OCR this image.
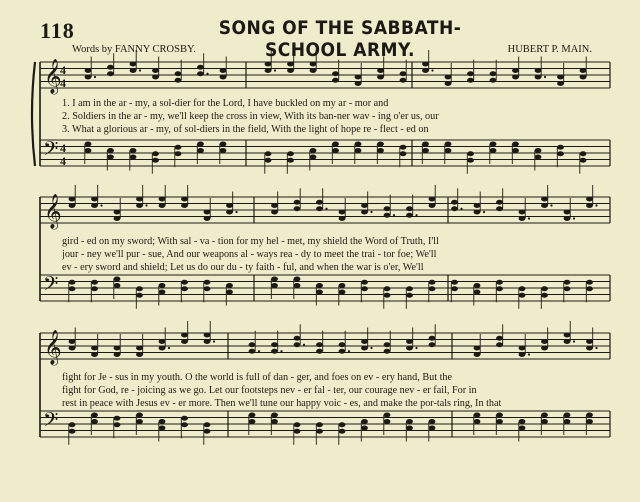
118	SONG OF THE SABBATH-SCHOOL ARMY.
Words by FANNY CROSBY.	HUBERT P. MAIN.
𝄞
𝄢
4
4
4
4
𝄞
𝄢
𝄞
𝄢
1. I am in the ar - my, a sol-dier for the Lord, I have buckled on my ar - mor and
2. Soldiers in the ar - my, we'll keep the cross in view, With its ban-ner wav - ing o'er us, our
3. What a glorious ar - my, of sol-diers in the field, With the light of hope re - flect - ed on
gird - ed on my sword; With sal - va - tion for my hel - met, my shield the Word of Truth, I'll
jour - ney we'll pur - sue, And our weapons al - ways rea - dy to meet the trai - tor foe; We'll
ev - ery sword and shield; Let us do our du - ty faith - ful, and when the war is o'er, We'll
fight for Je - sus in my youth. O the world is full of dan - ger, and foes on ev - ery hand, But the
fight for God, re - joicing as we go. Let our footsteps nev - er fal - ter, our courage nev - er fail, For in
rest in peace with Jesus ev - er more. Then we'll tune our happy voic - es, and make the por-tals ring, In that
